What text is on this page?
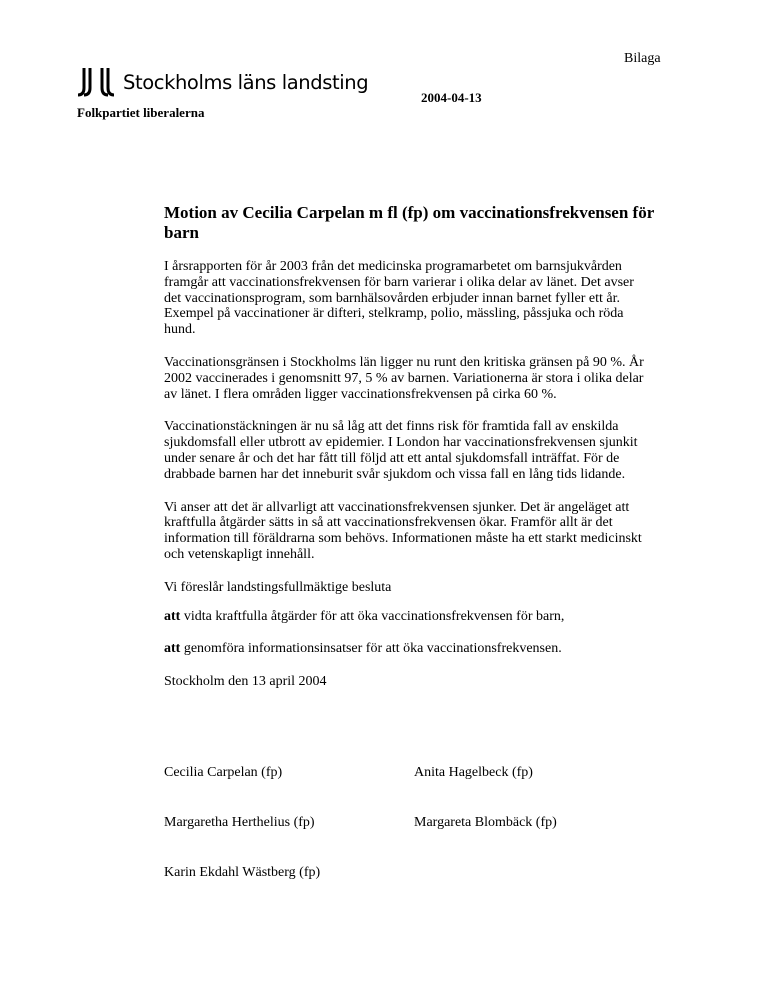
Bilaga
Stockholms läns landsting
2004-04-13
Folkpartiet liberalerna
Motion av Cecilia Carpelan m fl (fp) om vaccinationsfrekvensen för barn

I årsrapporten för år 2003 från det medicinska programarbetet om barnsjukvården framgår att vaccinationsfrekvensen för barn varierar i olika delar av länet. Det avser det vaccinationsprogram, som barnhälsovården erbjuder innan barnet fyller ett år. Exempel på vaccinationer är difteri, stelkramp, polio, mässling, påssjuka och röda hund.

Vaccinationsgränsen i Stockholms län ligger nu runt den kritiska gränsen på 90 %. År 2002 vaccinerades i genomsnitt 97, 5 % av barnen. Variationerna är stora i olika delar av länet. I flera områden ligger vaccinationsfrekvensen på cirka 60 %.

Vaccinationstäckningen är nu så låg att det finns risk för framtida fall av enskilda sjukdomsfall eller utbrott av epidemier. I London har vaccinationsfrekvensen sjunkit under senare år och det har fått till följd att ett antal sjukdomsfall inträffat. För de drabbade barnen har det inneburit svår sjukdom och vissa fall en lång tids lidande.

Vi anser att det är allvarligt att vaccinationsfrekvensen sjunker. Det är angeläget att kraftfulla åtgärder sätts in så att vaccinationsfrekvensen ökar. Framför allt är det information till föräldrarna som behövs. Informationen måste ha ett starkt medicinskt och vetenskapligt innehåll.

Vi föreslår landstingsfullmäktige besluta

att vidta kraftfulla åtgärder för att öka vaccinationsfrekvensen för barn,

att genomföra informationsinsatser för att öka vaccinationsfrekvensen.

Stockholm den 13 april 2004

Cecilia Carpelan (fp)	Anita Hagelbeck (fp)
Margaretha Herthelius (fp)	Margareta Blombäck (fp)
Karin Ekdahl Wästberg (fp)
